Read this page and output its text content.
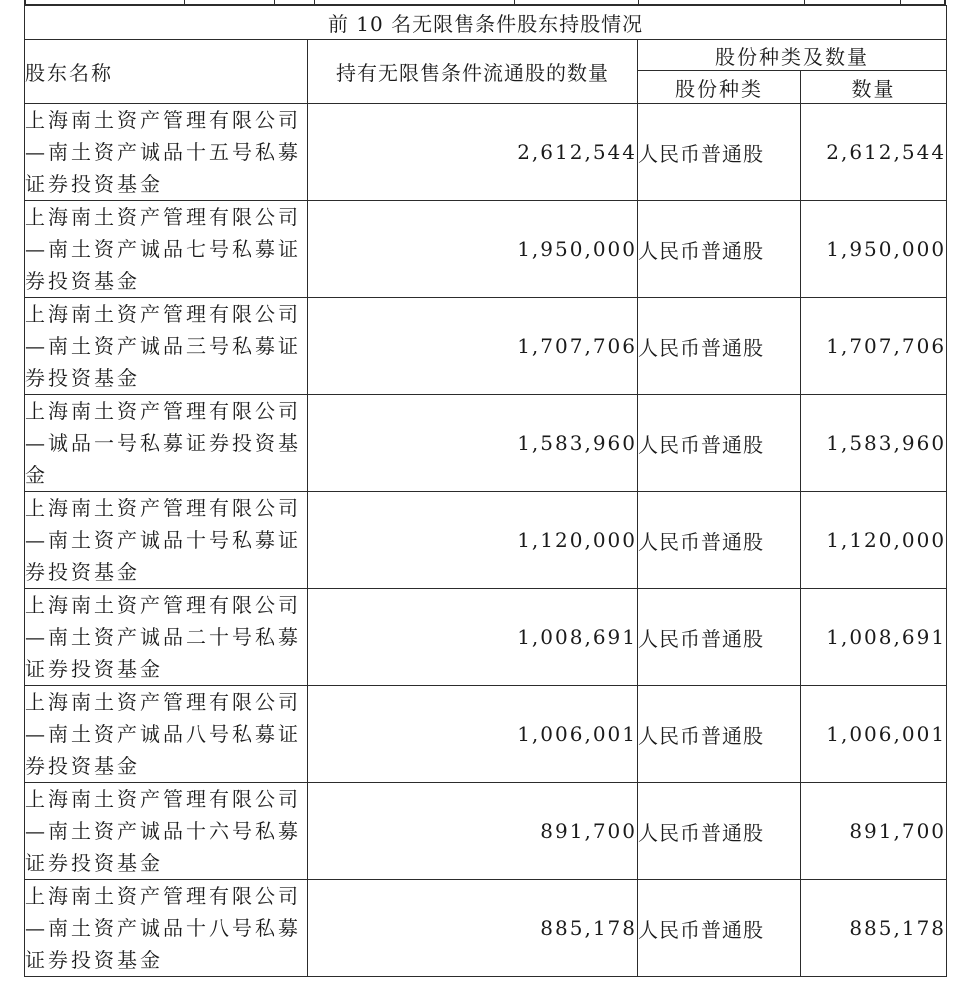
前 10 名无限售条件股东持股情况			
股东名称	持有无限售条件流通股的数量	股份种类及数量	
		股份种类	数量
上海南土资产管理有限公司—南土资产诚品十五号私募证券投资基金	2,612,544	人民币普通股	2,612,544
上海南土资产管理有限公司—南土资产诚品七号私募证券投资基金	1,950,000	人民币普通股	1,950,000
上海南土资产管理有限公司—南土资产诚品三号私募证券投资基金	1,707,706	人民币普通股	1,707,706
上海南土资产管理有限公司—诚品一号私募证券投资基金	1,583,960	人民币普通股	1,583,960
上海南土资产管理有限公司—南土资产诚品十号私募证券投资基金	1,120,000	人民币普通股	1,120,000
上海南土资产管理有限公司—南土资产诚品二十号私募证券投资基金	1,008,691	人民币普通股	1,008,691
上海南土资产管理有限公司—南土资产诚品八号私募证券投资基金	1,006,001	人民币普通股	1,006,001
上海南土资产管理有限公司—南土资产诚品十六号私募证券投资基金	891,700	人民币普通股	891,700
上海南土资产管理有限公司—南土资产诚品十八号私募证券投资基金	885,178	人民币普通股	885,178
